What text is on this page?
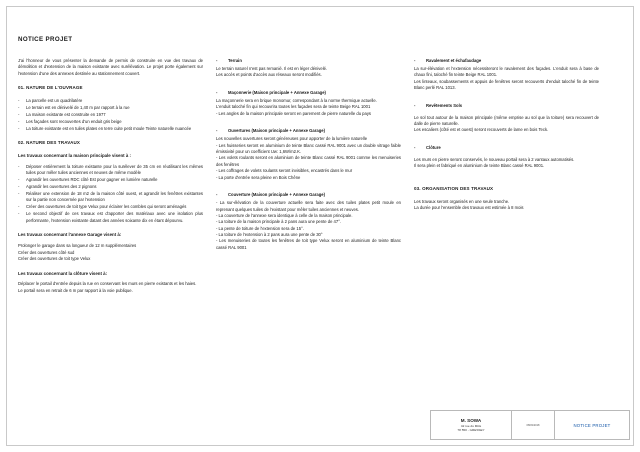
NOTICE PROJET

J'ai l'honneur de vous présenter la demande de permis de construire en vue des travaux de démolition et d'extension de la maison existante avec surélévation. Le projet porte également sur l'extension d'une des annexes destinée au stationnement couvert.

01. NATURE DE L'OUVRAGE

-	La parcelle est un quadrilatère
-	Le terrain est en dénivelé de 1,40 m par rapport à la rue
-	La maison existante est construite en 1977
-	Les façades sont recouvertes d'un enduit gris beige
-	La toiture existante est en tuiles plates en terre cuite petit moule Teinte naturelle nuancée

02. NATURE DES TRAVAUX

Les travaux concernant la maison principale visent à :

-	Déposer entièrement la toiture existante pour la surélever de 35 cm en réutilisant les mêmes tuiles pour mêler tuiles anciennes et neuves de même modèle
-	Agrandir les ouvertures RDC côté Est pour gagner en lumière naturelle
-	Agrandir les ouvertures des 2 pignons
-	Réaliser une extension de 18 m2 de la maison côté ouest, et agrandir les fenêtres existantes sur la partie non concernée par l'extension
-	Créer des ouvertures de toit type Velux pour éclairer les combles qui seront aménagés
-	Le second objectif de ces travaux est d'apporter des matériaux avec une isolation plus performante, l'extension existante datant des années soixante dix en étant dépourvu.

Les travaux concernant l'annexe Garage visent à:

Prolonger le garage dans sa longueur de 12 m supplémentaires

Créer des ouvertures côté sud

Créer des ouvertures de toit type Velux

Les travaux concernant la clôture visent à:

Déplacer le portail d'entrée depuis la rue en conservant les murs en pierre existants et les haies.

Le portail sera en retrait de 6 m par rapport à la voie publique.

-	Terrain

Le terrain naturel n'est pas remanié. Il est en léger dénivelé.

Les accès et points d'accès aux réseaux seront modifiés.

-	Maçonnerie (Maison principale + Annexe Garage)

La maçonnerie sera en brique monomur, correspondant à la norme thermique actuelle.

L'enduit taloché fin qui recouvrira toutes les façades sera de teinte Beige RAL 1001

- Les angles de la maison principale seront en parement de pierre naturelle du pays

-	Ouvertures (Maison principale + Annexe Garage)

Les nouvelles ouvertures seront généreuses pour apporter de la lumière naturelle

- Les huisseries seront en aluminium de teinte Blanc cassé RAL 9001 avec un double vitrage faible émissivité pour un coefficient Uw: 1,6W/m2.K.

- Les volets roulants seront en aluminium de teinte Blanc cassé RAL 9001 comme les menuiseries des fenêtres

- Les coffrages de volets roulants seront invisibles, encastrés dans le mur

- La porte d'entrée sera pleine en Bois Chêne

-	Couverture (Maison principale + Annexe Garage)

- La sur-élévation de la couverture actuelle sera faite avec des tuiles plates petit moule en reprenant quelques tuiles de l'existant pour mêler tuiles anciennes et neuves.

- La couverture de l'annexe sera identique à celle de la maison principale.

- La toiture de la maison principale à 2 pans aura une pente de 47°.

- La pente de toiture de l'extension sera de 15°.

- La toiture de l'extension à 2 pans aura une pente de 30°

- Les menuiseries de toutes les fenêtres de toit type Velux seront en aluminium de teinte Blanc cassé RAL 9001

-	Ravalement et échafaudage

La sur-élévation et l'extension nécessiteront le ravalement des façades. L'enduit sera à base de chaux fini, taloché fin teinte Beige RAL 1001.

Les linteaux, soubassements et appuis de fenêtres seront recouverts d'enduit taloché fin de teinte Blanc perlé RAL 1013.

-	Revêtements Sols

Le sol tout autour de la maison principale (même emprise au sol que la toiture) sera recouvert de dalle de pierre naturelle.

Les escaliers (côté est et ouest) seront recouverts de lame en bois Teck.

-	Clôture

Les murs en pierre seront conservés, le nouveau portail sera à 2 vantaux automatisés.

Il sera plein et fabriqué en aluminium de teinte Blanc cassé RAL 9001.

03. ORGANISATION DES TRAVAUX

Les travaux seront organisés en une seule tranche.

La durée pour l'ensemble des travaux est estimée à 8 mois

M. SOWA
42 rue du Mitis
78 550 - GRESSEY
08/03/2018	NOTICE PROJET
